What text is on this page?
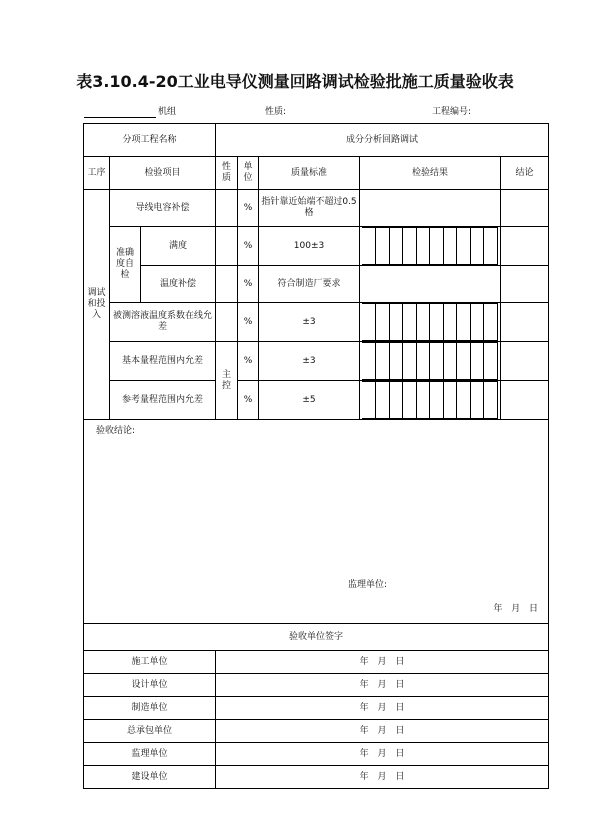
表3.10.4-20工业电导仪测量回路调试检验批施工质量验收表
机组	性质:	工程编号:
分项工程名称	成分分析回路调试
工序	检验项目	性质	单位	质量标准	检验结果	结论
调试和投入	导线电容补偿		%	指针靠近始端不超过0.5格		
准确度自检	满度		%	100±3	

温度补偿		%	符合制造厂要求		
被测溶液温度系数在线允差		%	±3	

基本量程范围内允差	主控	%	±3	

参考量程范围内允差	%	±5	

验收结论:
监理单位:
年 月 日

验收单位签字
施工单位	年 月 日
设计单位	年 月 日
制造单位	年 月 日
总承包单位	年 月 日
监理单位	年 月 日
建设单位	年 月 日
